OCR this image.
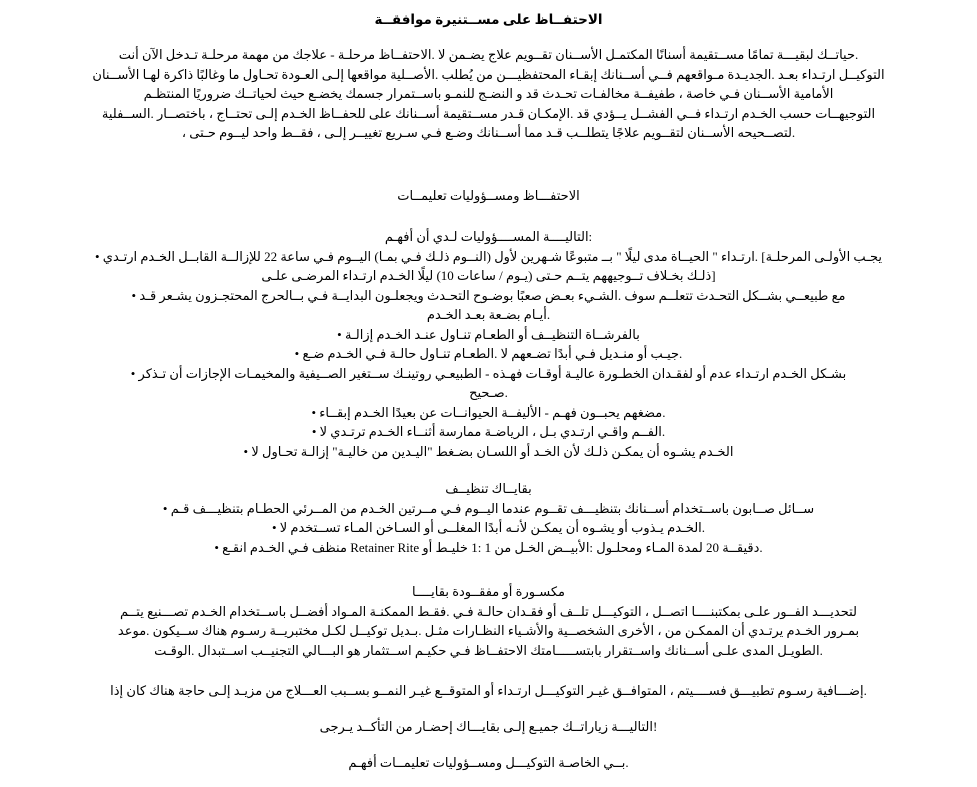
الاحتفــاظ على مســتنيرة موافقــة
.حياتــك لبقيـــة تمامًا مســتقيمة أسنانًا المكتمـل الأســنان تقــويم علاج يضـمن لا .الاحتفــاظ مرحلـة - علاجك من مهمة مرحلـة تـدخل الآن أنت
التوكيــل ارتـداء بعـد .الجديـدة مـواقعهم فــي أســنانك إبقـاء المحتفظيـــن من يُطلب .الأصــلية مواقعها إلـى العـودة تحـاول ما وغالبًا ذاكرة لهـا الأســنان
الأمامية الأســنان فـي خاصة ، طفيفــة مخالفـات تحـدث قد و النضـج للنمـو باســتمرار جسمك يخضـع حيث لحياتــك ضروريًا المنتظـم
التوجيهــات حسب الخـدم ارتـداء فــي الفشــل يــؤدي قد .الإمكـان قـدر مســتقيمة أســنانك على للحفــاظ الخـدم إلـى تحتــاج ، باختصــار .الســفلية
.لتصــحيحه الأســنان لتقــويم علاجًا يتطلــب قـد مما أســنانك وضـع فـي سـريع تغييــر إلـى ، فقــط واحد ليــوم حـتى ،
الاحتفـــاظ ومســؤوليات تعليمــات
:التاليــــة المســــؤوليات لـدي أن أفهـم
يجـب الأولـى المرحلـة] .ارتـداء " الحيــاة مدى ليلًا " بــ متبوعًا شـهرين لأول (النــوم ذلـك فـي بمـا) اليــوم فـي ساعة 22 للإزالــة القابــل الخـدم ارتـدي •
[ذلـك بخـلاف تــوجيههم يتــم حـتى (يـوم / ساعات 10) ليلًا الخـدم ارتـداء المرضـى علـى
مع طبيعــي بشــكل التحـدث تتعلــم سوف .الشـيء بعـض صعبًا بوضـوح التحـدث ويجعلـون البدايــة فـي بــالحرج المحتجـزون يشـعر قـد •
.أيـام بضـعة بعـد الخـدم
بالفرشــاة التنظيــف أو الطعـام تنـاول عنـد الخـدم إزالـة •
.جيـب أو منـديل فـي أبدًا تضـعهم لا .الطعـام تنـاول حالـة فـي الخـدم ضـع •
بشـكل الخـدم ارتـداء عدم أو لفقـدان الخطـورة عاليـة أوقـات فهـذه - الطبيعـي روتينـك ســتغير الصــيفية والمخيمـات الإجازات أن تـذكر •
.صـحيح
.مضغهم يحبــون فهـم - الأليفــة الحيوانــات عن بعيدًا الخـدم إبقــاء •
.الفــم واقـي ارتـدي بـل ، الرياضـة ممارسة أثنــاء الخـدم ترتـدي لا •
الخـدم يشـوه أن يمكـن ذلـك لأن الخـد أو اللسـان بضـغط "اليـدين من خاليـة" إزالـة تحـاول لا •
بقايــاك تنظيــف
ســائل صــابون باســتخدام أســنانك بتنظيـــف تقــوم عندما اليــوم فـي مــرتين الخـدم من المــرئي الحطـام بتنظيـــف قـم •
.الخـدم يـذوب أو يشـوه أن يمكـن لأنـه أبدًا المغلــى أو السـاخن المـاء تســتخدم لا •
.دقيقــة 20 لمدة المـاء ومحلـول :الأبيــض الخـل من 1 :1 خليـط أو Retainer Rite منظف فـي الخـدم انقـع •
مكسـورة أو مفقــودة بقايــــا
لتحديـــد الفــور علـى بمكتبنــــا اتصــل ، التوكيـــل تلــف أو فقـدان حالـة فـي .فقـط الممكنـة المـواد أفضــل باســتخدام الخـدم تصـــنيع يتــم
بمـرور الخـدم يرتـدي أن الممكـن من ، الأخرى الشخصــية والأشـياء النظـارات مثـل .بـديل توكيــل لكـل مختبريــة رسـوم هناك ســيكون .موعد
.الطويـل المدى علـى أســنانك واســتقرار بابتســـــامتك الاحتفــاظ فـي حكيـم اســتثمار هو البـــالي التجنيــب اســتبدال .الوقـت
.إضـــافية رسـوم تطبيـــق فســــيتم ، المتوافــق غيـر التوكيـــل ارتـداء أو المتوقــع غيـر النمــو بســبب العـــلاج من مزيـد إلـى حاجة هناك كان إذا
!التاليـــة زياراتــك جميـع إلـى بقايـــاك إحضـار من التأكــد يـرجى
.بــي الخاصـة التوكيـــل ومســؤوليات تعليمــات أفهـم
